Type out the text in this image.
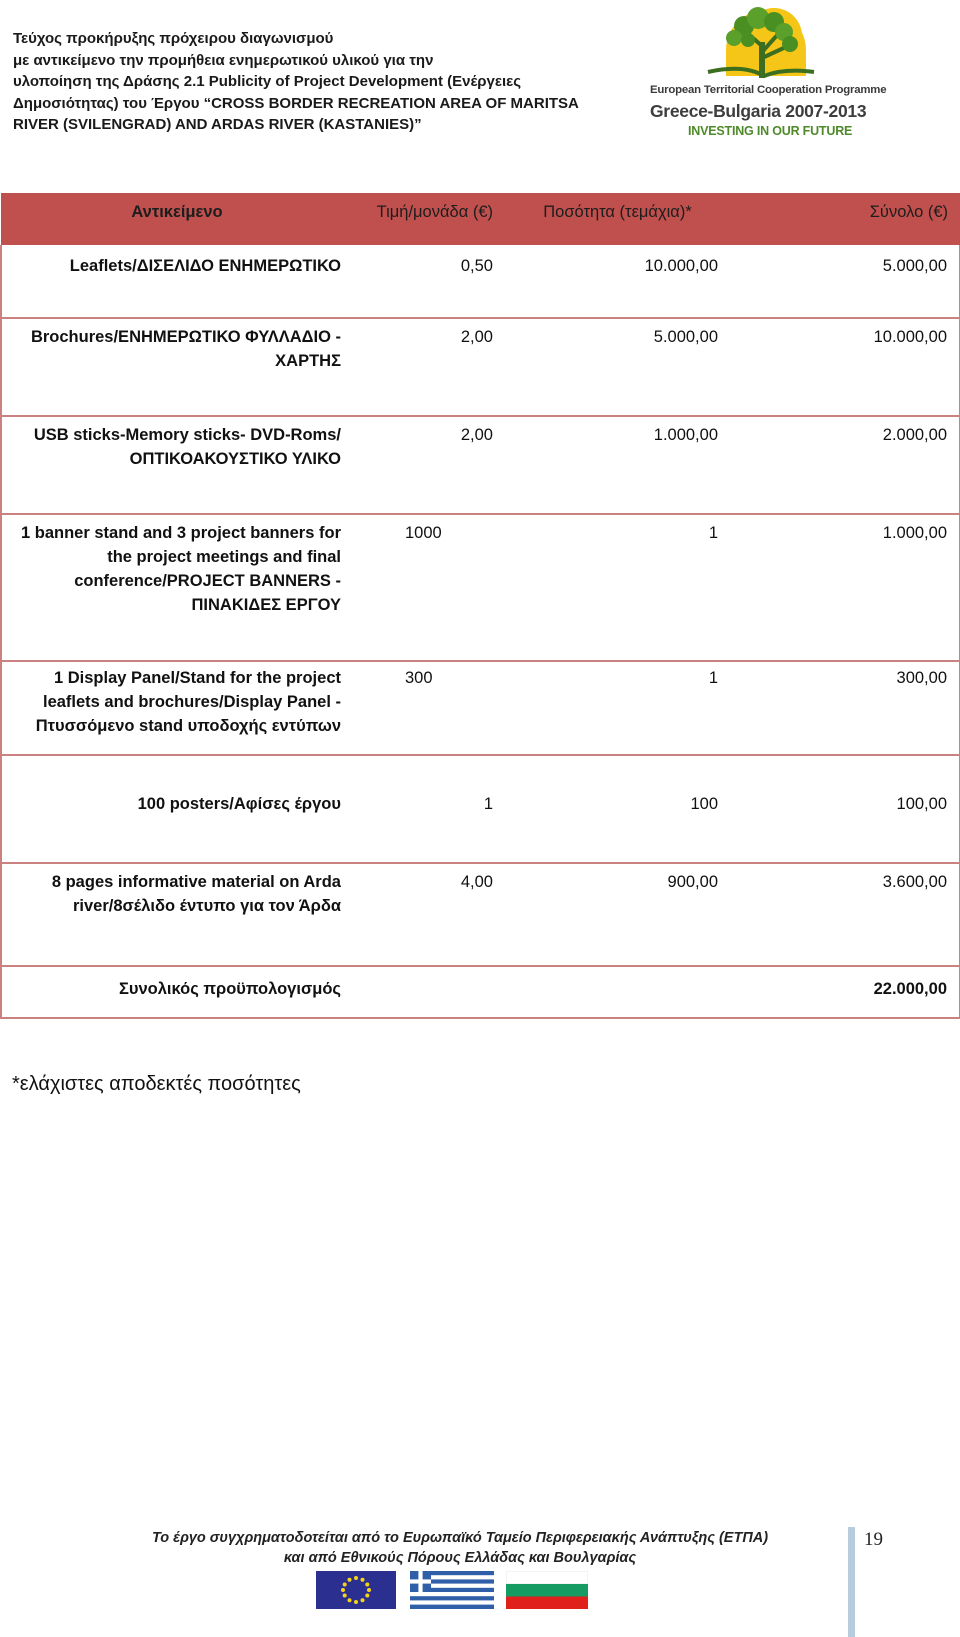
Τεύχος προκήρυξης πρόχειρου διαγωνισμού
με αντικείμενο την προμήθεια ενημερωτικού υλικού για την
υλοποίηση της Δράσης 2.1 Publicity of Project Development (Ενέργειες
Δημοσιότητας) του Έργου “CROSS BORDER RECREATION AREA OF MARITSA
RIVER (SVILENGRAD) AND ARDAS RIVER (KASTANIES)”
European Territorial Cooperation Programme
Greece-Bulgaria 2007-2013
INVESTING IN OUR FUTURE
Αντικείμενο	Τιμή/μονάδα (€)	Ποσότητα (τεμάχια)*	Σύνολο (€)
Leaflets/ΔΙΣΕΛΙΔΟ ΕΝΗΜΕΡΩΤΙΚΟ	0,50	10.000,00	5.000,00
Brochures/ΕΝΗΜΕΡΩΤΙΚΟ ΦΥΛΛΑΔΙΟ - ΧΑΡΤΗΣ	2,00	5.000,00	10.000,00
USB sticks-Memory sticks- DVD-Roms/ΟΠΤΙΚΟΑΚΟΥΣΤΙΚΟ ΥΛΙΚΟ	2,00	1.000,00	2.000,00
1 banner stand and 3 project banners for the project meetings and final conference/PROJECT BANNERS - ΠΙΝΑΚΙΔΕΣ ΕΡΓΟΥ	1000	1	1.000,00
1 Display Panel/Stand for the project leaflets and brochures/Display Panel - Πτυσσόμενο stand υποδοχής εντύπων	300	1	300,00
100 posters/Αφίσες έργου	1	100	100,00
8 pages informative material on Arda river/8σέλιδο έντυπο για τον Άρδα	4,00	900,00	3.600,00
Συνολικός προϋπολογισμός			22.000,00
*ελάχιστες αποδεκτές ποσότητες
Το έργο συγχρηματοδοτείται από το Ευρωπαϊκό Ταμείο Περιφερειακής Ανάπτυξης (ΕΤΠΑ)
και από Εθνικούς Πόρους Ελλάδας και Βουλγαρίας
19
